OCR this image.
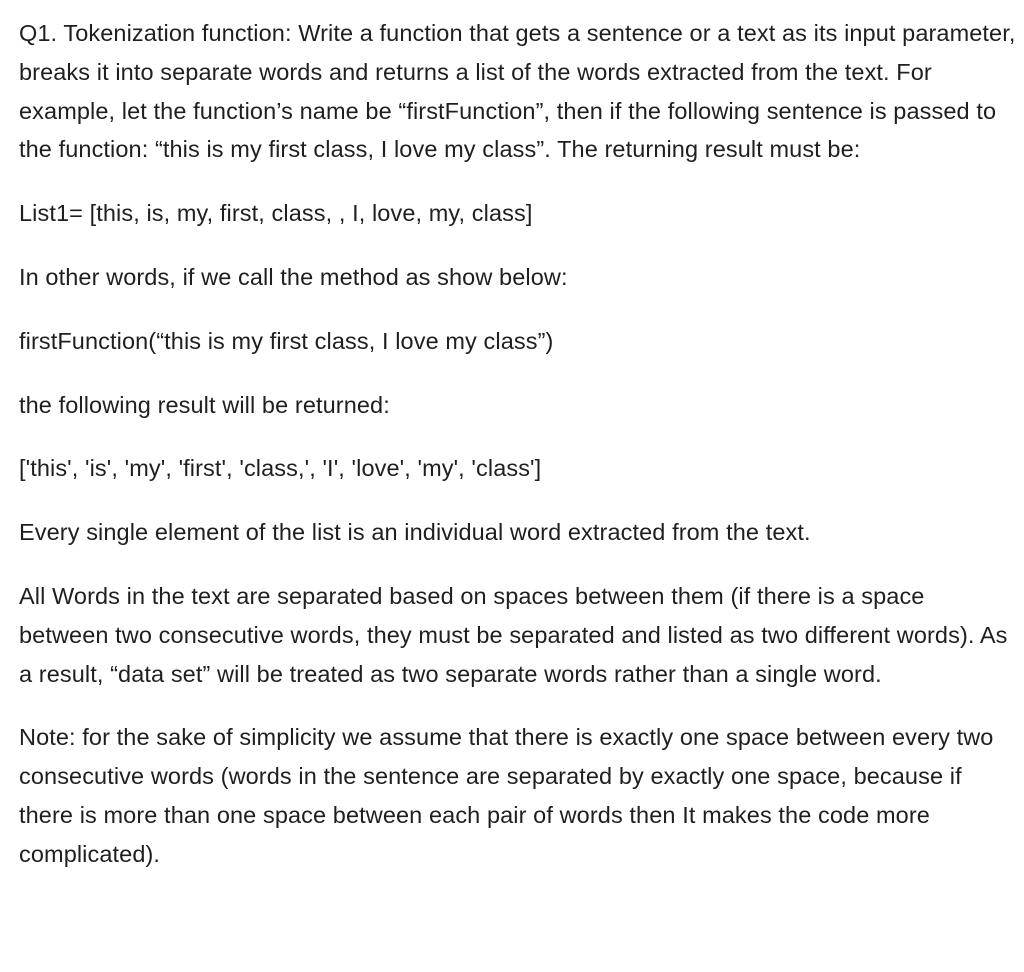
Q1. Tokenization function: Write a function that gets a sentence or a text as its input parameter, breaks it into separate words and returns a list of the words extracted from the text. For example, let the function’s name be “firstFunction”, then if the following sentence is passed to the function: “this is my first class, I love my class”. The returning result must be:

List1= [this, is, my, first, class, , I, love, my, class]

In other words, if we call the method as show below:

firstFunction(“this is my first class, I love my class”)

the following result will be returned:

['this', 'is', 'my', 'first', 'class,', 'I', 'love', 'my', 'class']

Every single element of the list is an individual word extracted from the text.

All Words in the text are separated based on spaces between them (if there is a space between two consecutive words, they must be separated and listed as two different words). As a result, “data set” will be treated as two separate words rather than a single word.

Note: for the sake of simplicity we assume that there is exactly one space between every two consecutive words (words in the sentence are separated by exactly one space, because if there is more than one space between each pair of words then It makes the code more complicated).
